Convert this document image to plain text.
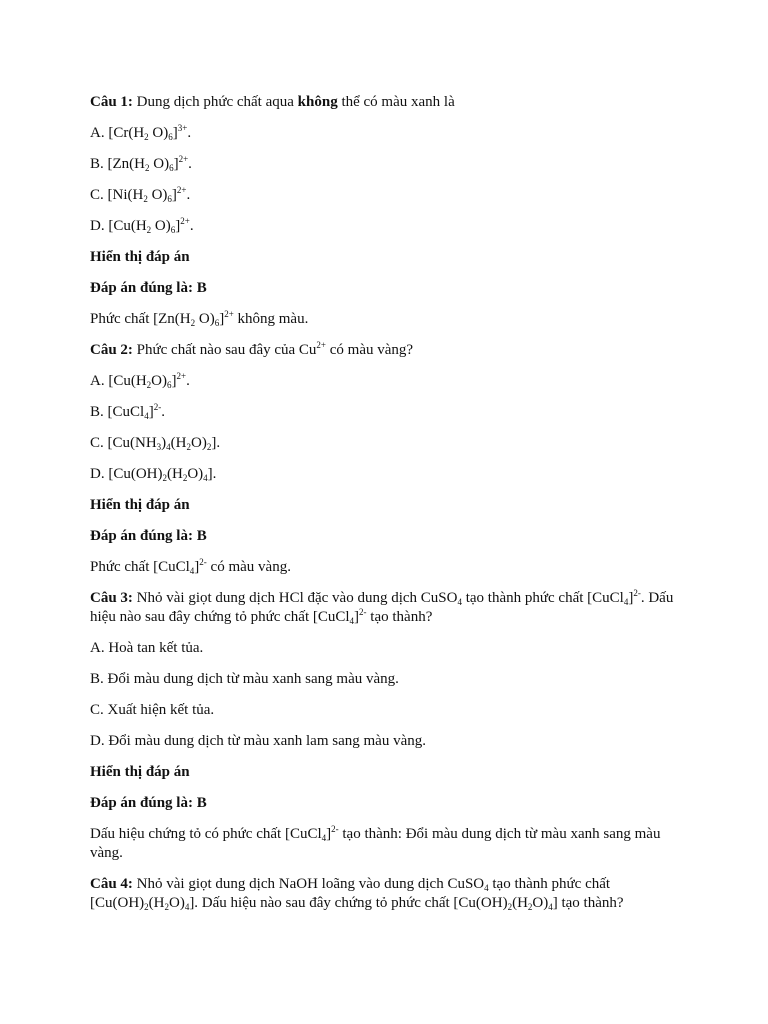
Câu 1: Dung dịch phức chất aqua không thể có màu xanh là

A. [$Cr(H_2$ $O)_6]^{3+}$.

B. [$Zn(H_2$ $O)_6]^{2+}$.

C. [$Ni(H_2$ $O)_6]^{2+}$.

D. [$Cu(H_2$ $O)_6]^{2+}$.

Hiển thị đáp án

Đáp án đúng là: B

Phức chất [$Zn(H_2$ $O)_6]^{2+}$ không màu.

Câu 2: Phức chất nào sau đây của $Cu^{2+}$ có màu vàng?

A. $[Cu(H_2O)_6]^{2+}$.

B. [CuCl$_4$]$^{2-}$.

C. $[Cu(NH_3)_4(H_2O)_2]$.

D. $[Cu(OH)_2(H_2O)_4]$.

Hiển thị đáp án

Đáp án đúng là: B

Phức chất [CuCl$_4$]$^{2-}$ có màu vàng.

Câu 3: Nhỏ vài giọt dung dịch HCl đặc vào dung dịch CuSO$_4$ tạo thành phức chất [CuCl$_4$]$^{2-}$. Dấu hiệu nào sau đây chứng tỏ phức chất [CuCl$_4$]$^{2-}$ tạo thành?

A. Hoà tan kết tủa.

B. Đổi màu dung dịch từ màu xanh sang màu vàng.

C. Xuất hiện kết tủa.

D. Đổi màu dung dịch từ màu xanh lam sang màu vàng.

Hiển thị đáp án

Đáp án đúng là: B

Dấu hiệu chứng tỏ có phức chất [CuCl$_4$]$^{2-}$ tạo thành: Đổi màu dung dịch từ màu xanh sang màu vàng.

Câu 4: Nhỏ vài giọt dung dịch NaOH loãng vào dung dịch CuSO$_4$ tạo thành phức chất $[Cu(OH)_2(H_2O)_4]$. Dấu hiệu nào sau đây chứng tỏ phức chất $[Cu(OH)_2(H_2O)_4]$ tạo thành?
